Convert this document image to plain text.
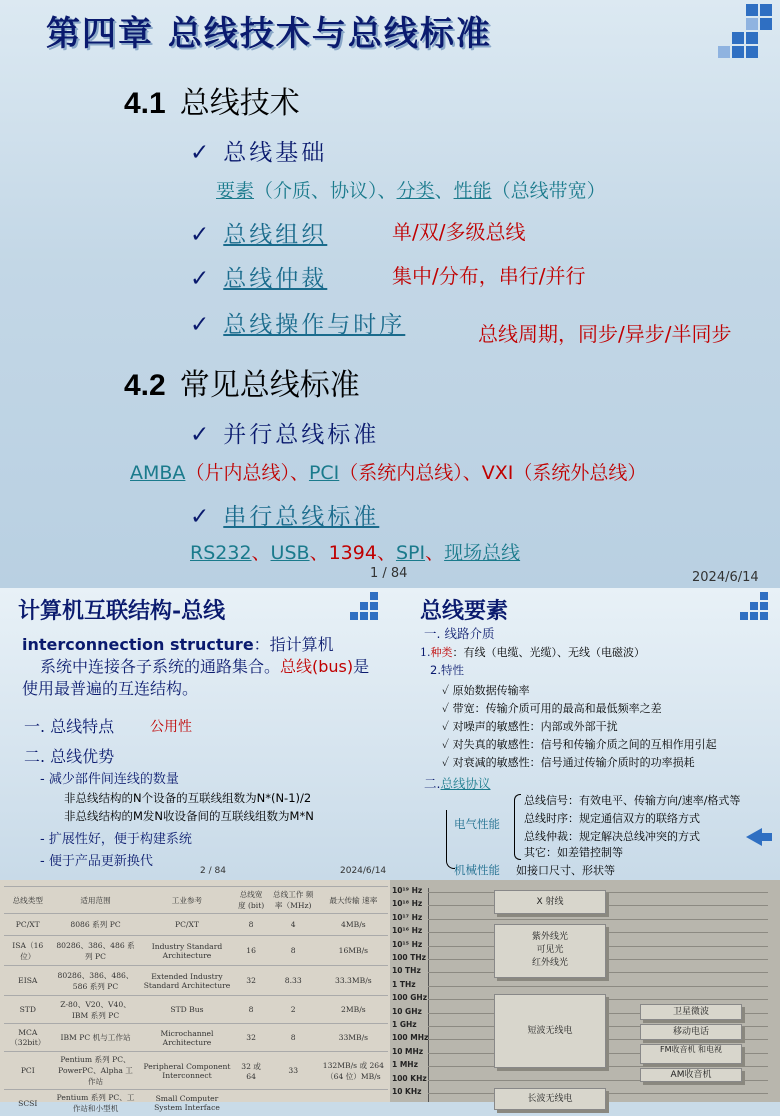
第四章 总线技术与总线标准
4.1 总线技术
✓ 总线基础
要素（介质、协议）、分类、性能（总线带宽）
✓ 总线组织	单/双/多级总线
✓ 总线仲裁	集中/分布，串行/并行
✓ 总线操作与时序	总线周期，同步/异步/半同步
4.2 常见总线标准
✓ 并行总线标准
AMBA（片内总线）、PCI（系统内总线）、VXI（系统外总线）
✓ 串行总线标准
RS232、USB、1394、SPI、现场总线
1 / 84	2024/6/14
计算机互联结构-总线
interconnection structure：指计算机
系统中连接各子系统的通路集合。总线(bus)是使用最普遍的互连结构。
一. 总线特点	公用性
二. 总线优势
- 减少部件间连线的数量
非总线结构的N个设备的互联线组数为N*(N-1)/2
非总线结构的M发N收设备间的互联线组数为M*N
- 扩展性好，便于构建系统
- 便于产品更新换代
2 / 84	2024/6/14
总线要素
一. 线路介质
1.种类：有线（电缆、光缆）、无线（电磁波）
2.特性
✓ 原始数据传输率
✓ 带宽：传输介质可用的最高和最低频率之差
✓ 对噪声的敏感性：内部或外部干扰
✓ 对失真的敏感性：信号和传输介质之间的互相作用引起
✓ 对衰减的敏感性：信号通过传输介质时的功率损耗
二.总线协议
电气性能
总线信号：有效电平、传输方向/速率/格式等
总线时序：规定通信双方的联络方式
总线仲裁：规定解决总线冲突的方式
其它：如差错控制等
机械性能 如接口尺寸、形状等
总线类型	适用范围	工业参考	总线宽度 (bit)	总线工作 频率（MHz)	最大传输 速率
PC/XT	8086 系列 PC	PC/XT	8	4	4MB/s
ISA（16 位）	80286、386、486 系列 PC	Industry Standard Architecture	16	8	16MB/s
EISA	80286、386、486、586 系列 PC	Extended Industry Standard Architecture	32	8.33	33.3MB/s
STD	Z-80、V20、V40、IBM 系列 PC	STD Bus	8	2	2MB/s
MCA（32bit）	IBM PC 机与工作站	Microchannel Architecture	32	8	33MB/s
PCI	Pentium 系列 PC、PowerPC、Alpha 工作站	Peripheral Component Interconnect	32 或 64	33	132MB/s 或 264（64 位）MB/s
SCSI	Pentium 系列 PC、工作站和小型机	Small Computer System Interface			
10¹⁹ Hz
10¹⁸ Hz
10¹⁷ Hz
10¹⁶ Hz
10¹⁵ Hz
100 THz
10 THz
1 THz
100 GHz
10 GHz
1 GHz
100 MHz
10 MHz
1 MHz
100 KHz
10 KHz
X 射线
紫外线光
可见光
红外线光
短波无线电
卫星微波
移动电话
FM收音机 和电视
AM收音机
长波无线电
